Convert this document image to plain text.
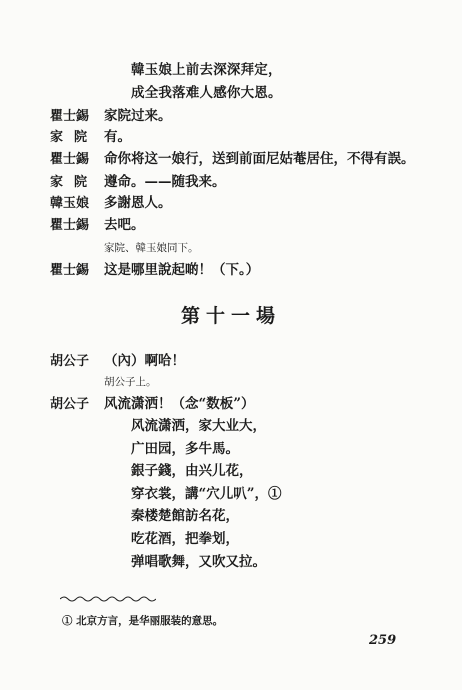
韓玉娘上前去深深拜定，
成全我落难人感你大恩。
瞿士錫 家院过来。
家院 有。
瞿士錫 命你将这一娘行，送到前面尼姑菴居住，不得有誤。
家院 遵命。——随我来。
韓玉娘 多謝恩人。
瞿士錫 去吧。
家院、韓玉娘同下。
瞿士錫 这是哪里說起啲！（下。）
第十一場
胡公子 （內）啊哈！
胡公子上。
胡公子 风流潇洒！（念“数板”）
风流潇洒，家大业大，
广田园，多牛馬。
銀子錢，由兴儿花，
穿衣裳，講“穴儿叭”，①
秦楼楚館訪名花，
吃花酒，把拳划，
弹唱歌舞，又吹又拉。
① 北京方言，是华丽服装的意思。
259
